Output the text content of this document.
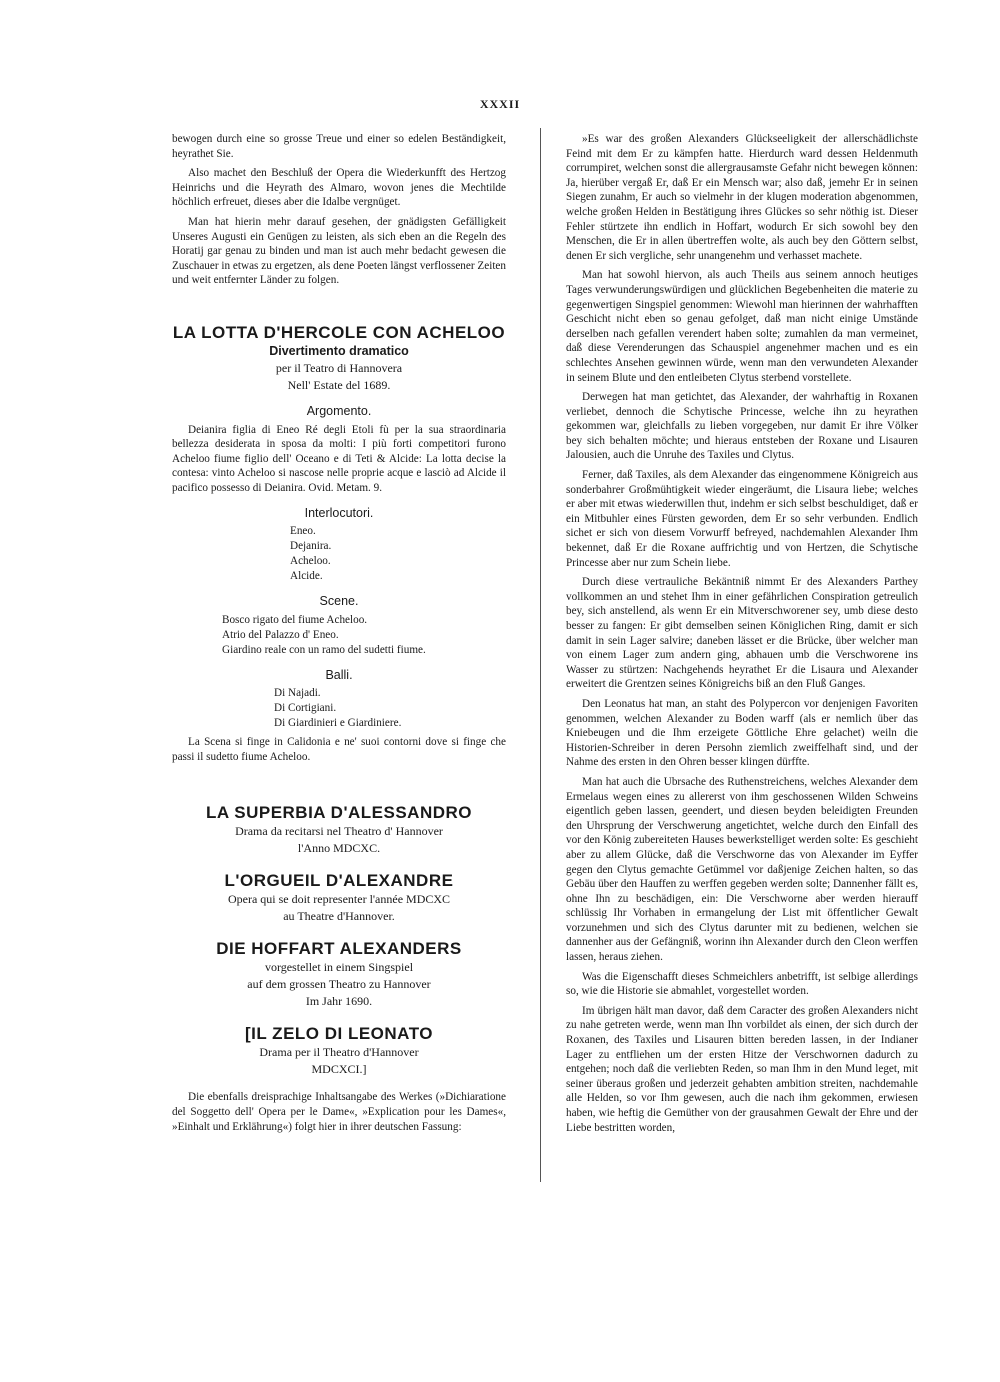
XXXII

bewogen durch eine so grosse Treue und einer so edelen Beständigkeit, heyrathet Sie.

Also machet den Beschluß der Opera die Wiederkunfft des Hertzog Heinrichs und die Heyrath des Almaro, wovon jenes die Mechtilde höchlich erfreuet, dieses aber die Idalbe vergnüget.

Man hat hierin mehr darauf gesehen, der gnädigsten Gefälligkeit Unseres Augusti ein Genügen zu leisten, als sich eben an die Regeln des Horatij gar genau zu binden und man ist auch mehr bedacht gewesen die Zuschauer in etwas zu ergetzen, als dene Poeten längst verflossener Zeiten und weit entfernter Länder zu folgen.

LA LOTTA D'HERCOLE CON ACHELOO
Divertimento dramatico
per il Teatro di Hannovera
Nell' Estate del 1689.
Argomento.

Deianira figlia di Eneo Ré degli Etoli fù per la sua straordinaria bellezza desiderata in sposa da molti: I più forti competitori furono Acheloo fiume figlio dell' Oceano e di Teti & Alcide: La lotta decise la contesa: vinto Acheloo si nascose nelle proprie acque e lasciò ad Alcide il pacifico possesso di Deianira. Ovid. Metam. 9.

Interlocutori.
Eneo.
Dejanira.
Acheloo.
Alcide.
Scene.
Bosco rigato del fiume Acheloo.
Atrio del Palazzo d' Eneo.
Giardino reale con un ramo del sudetti fiume.
Balli.
Di Najadi.
Di Cortigiani.
Di Giardinieri e Giardiniere.

La Scena si finge in Calidonia e ne' suoi contorni dove si finge che passi il sudetto fiume Acheloo.

LA SUPERBIA D'ALESSANDRO
Drama da recitarsi nel Theatro d' Hannover
l'Anno MDCXC.
L'ORGUEIL D'ALEXANDRE
Opera qui se doit representer l'année MDCXC
au Theatre d'Hannover.
DIE HOFFART ALEXANDERS
vorgestellet in einem Singspiel
auf dem grossen Theatro zu Hannover
Im Jahr 1690.
[IL ZELO DI LEONATO
Drama per il Theatro d'Hannover
MDCXCI.]

Die ebenfalls dreisprachige Inhaltsangabe des Werkes (»Dichiaratione del Soggetto dell' Opera per le Dame«, »Explication pour les Dames«, »Einhalt und Erklährung«) folgt hier in ihrer deutschen Fassung:

»Es war des großen Alexanders Glückseeligkeit der allerschädlichste Feind mit dem Er zu kämpfen hatte. Hierdurch ward dessen Heldenmuth corrumpiret, welchen sonst die allergrausamste Gefahr nicht bewegen können: Ja, hierüber vergaß Er, daß Er ein Mensch war; also daß, jemehr Er in seinen Siegen zunahm, Er auch so vielmehr in der klugen moderation abgenommen, welche großen Helden in Bestätigung ihres Glückes so sehr nöthig ist. Dieser Fehler stürtzete ihn endlich in Hoffart, wodurch Er sich sowohl bey den Menschen, die Er in allen übertreffen wolte, als auch bey den Göttern selbst, denen Er sich vergliche, sehr unangenehm und verhasset machete.

Man hat sowohl hiervon, als auch Theils aus seinem annoch heutiges Tages verwunderungswürdigen und glücklichen Begebenheiten die materie zu gegenwertigen Singspiel genommen: Wiewohl man hierinnen der wahrhafften Geschicht nicht eben so genau gefolget, daß man nicht einige Umstände derselben nach gefallen verendert haben solte; zumahlen da man vermeinet, daß diese Verenderungen das Schauspiel angenehmer machen und es ein schlechtes Ansehen gewinnen würde, wenn man den verwundeten Alexander in seinem Blute und den entleibeten Clytus sterbend vorstellete.

Derwegen hat man getichtet, das Alexander, der wahrhaftig in Roxanen verliebet, dennoch die Schytische Princesse, welche ihn zu heyrathen gekommen war, gleichfalls zu lieben vorgegeben, nur damit Er ihre Völker bey sich behalten möchte; und hieraus entsteben der Roxane und Lisauren Jalousien, auch die Unruhe des Taxiles und Clytus.

Ferner, daß Taxiles, als dem Alexander das eingenommene Königreich aus sonderbahrer Großmühtigkeit wieder eingeräumt, die Lisaura liebe; welches er aber mit etwas wiederwillen thut, indehm er sich selbst beschuldiget, daß er ein Mitbuhler eines Fürsten geworden, dem Er so sehr verbunden. Endlich sichet er sich von diesem Vorwurff befreyed, nachdemahlen Alexander Ihm bekennet, daß Er die Roxane auffrichtig und von Hertzen, die Schytische Princesse aber nur zum Schein liebe.

Durch diese vertrauliche Bekäntniß nimmt Er des Alexanders Parthey vollkommen an und stehet Ihm in einer gefährlichen Conspiration getreulich bey, sich anstellend, als wenn Er ein Mitverschworener sey, umb diese desto besser zu fangen: Er gibt demselben seinen Königlichen Ring, damit er sich damit in sein Lager salvire; daneben lässet er die Brücke, über welcher man von einem Lager zum andern ging, abhauen umb die Verschworene ins Wasser zu stürtzen: Nachgehends heyrathet Er die Lisaura und Alexander erweitert die Grentzen seines Königreichs biß an den Fluß Ganges.

Den Leonatus hat man, an staht des Polypercon vor denjenigen Favoriten genommen, welchen Alexander zu Boden warff (als er nemlich über das Kniebeugen und die Ihm erzeigete Göttliche Ehre gelachet) weiln die Historien-Schreiber in deren Persohn ziemlich zweiffelhaft sind, und der Nahme des ersten in den Ohren besser klingen dürffte.

Man hat auch die Ubrsache des Ruthenstreichens, welches Alexander dem Ermelaus wegen eines zu allererst von ihm geschossenen Wilden Schweins eigentlich geben lassen, geendert, und diesen beyden beleidigten Freunden den Uhrsprung der Verschwerung angetichtet, welche durch den Einfall des vor den König zubereiteten Hauses bewerkstelliget werden solte: Es geschieht aber zu allem Glücke, daß die Verschworne das von Alexander im Eyffer gegen den Clytus gemachte Getümmel vor daßjenige Zeichen halten, so das Gebäu über den Hauffen zu werffen gegeben werden solte; Dannenher fällt es, ohne Ihn zu beschädigen, ein: Die Verschworne aber werden hierauff schlüssig Ihr Vorhaben in ermangelung der List mit öffentlicher Gewalt vorzunehmen und sich des Clytus darunter mit zu bedienen, welchen sie dannenher aus der Gefängniß, worinn ihn Alexander durch den Cleon werffen lassen, heraus ziehen.

Was die Eigenschafft dieses Schmeichlers anbetrifft, ist selbige allerdings so, wie die Historie sie abmahlet, vorgestellet worden.

Im übrigen hält man davor, daß dem Caracter des großen Alexanders nicht zu nahe getreten werde, wenn man Ihn vorbildet als einen, der sich durch der Roxanen, des Taxiles und Lisauren bitten bereden lassen, in der Indianer Lager zu entfliehen um der ersten Hitze der Verschwornen dadurch zu entgehen; noch daß die verliebten Reden, so man Ihm in den Mund leget, mit seiner überaus großen und jederzeit gehabten ambition streiten, nachdemahle alle Helden, so vor Ihm gewesen, auch die nach ihm gekommen, erwiesen haben, wie heftig die Gemüther von der grausahmen Gewalt der Ehre und der Liebe bestritten worden,
